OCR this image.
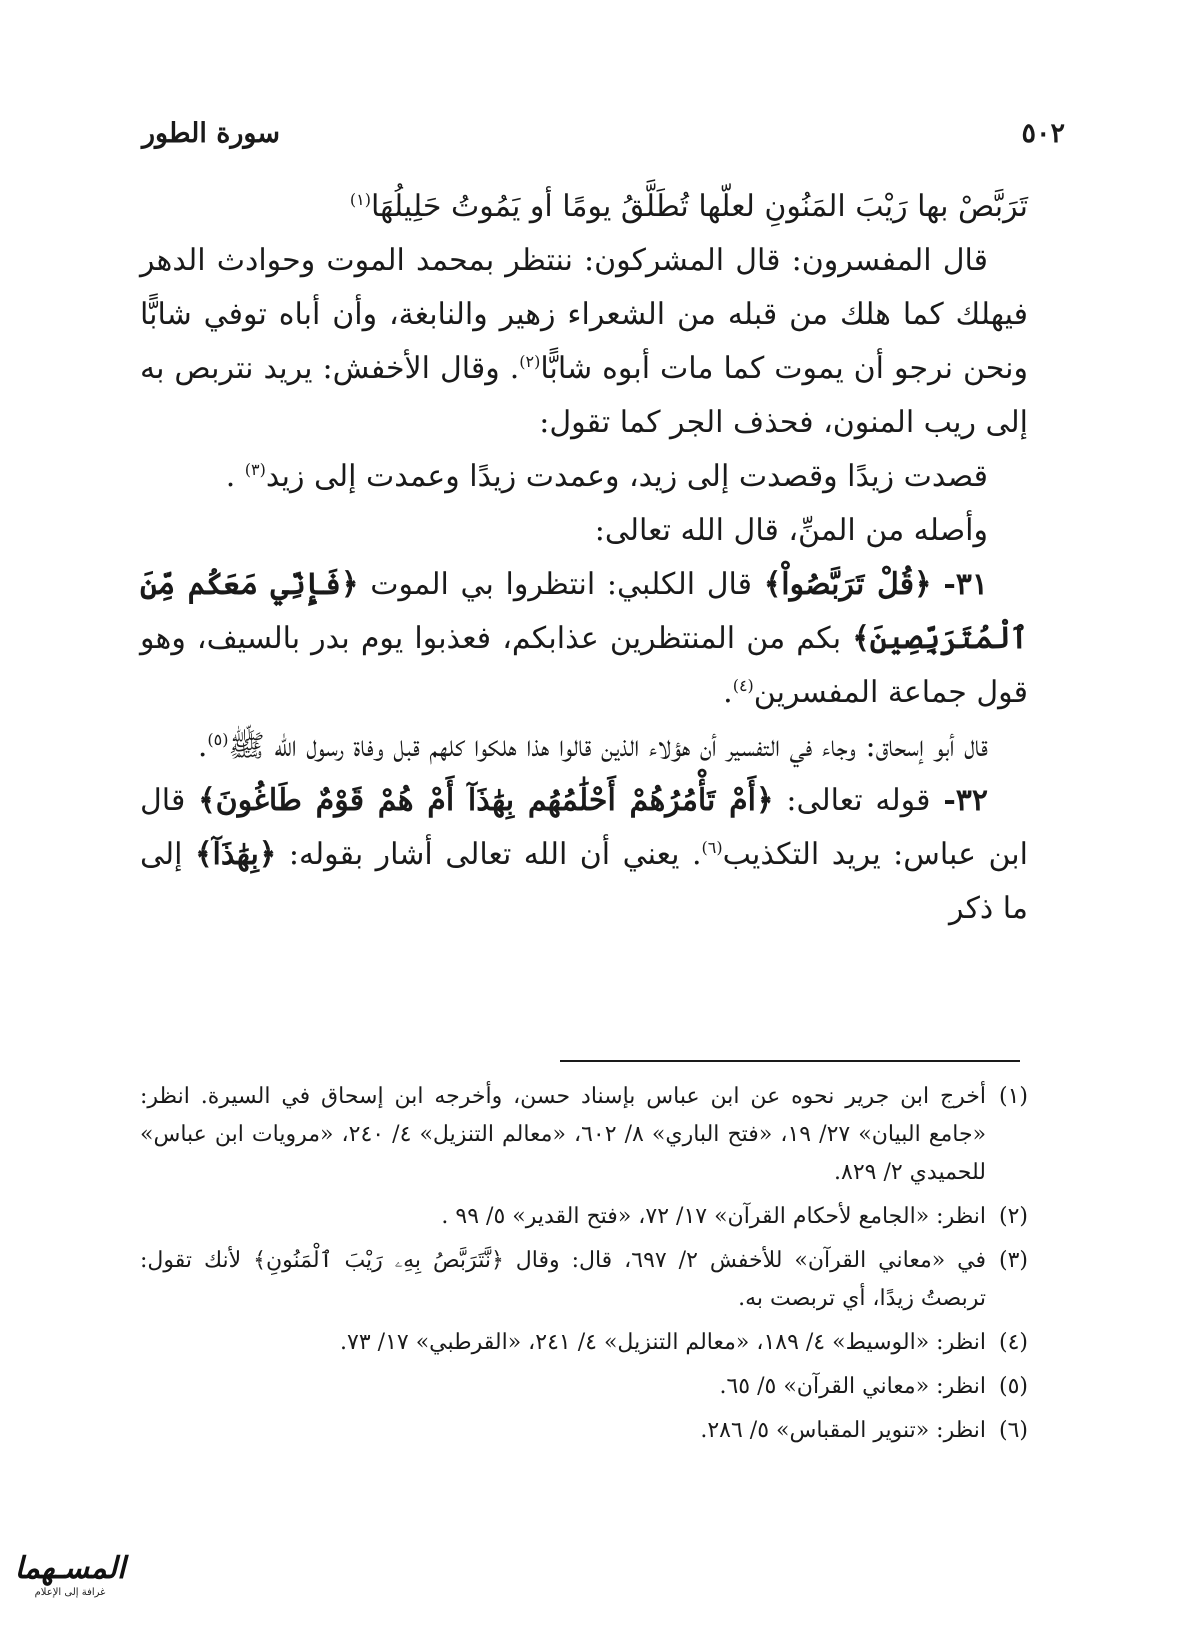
سورة الطور	٥٠٢

تَرَبَّصْ بها رَيْبَ المَنُونِ لعلّها تُطَلَّقُ يومًا أو يَمُوتُ حَلِيلُهَا$^{(١)}$

قال المفسرون: قال المشركون: ننتظر بمحمد الموت وحوادث الدهر فيهلك كما هلك من قبله من الشعراء زهير والنابغة، وأن أباه توفي شابًّا ونحن نرجو أن يموت كما مات أبوه شابًّا$^{(٢)}$. وقال الأخفش: يريد نتربص به إلى ريب المنون، فحذف الجر كما تقول:

قصدت زيدًا وقصدت إلى زيد، وعمدت زيدًا وعمدت إلى زيد$^{(٣)}$ .

وأصله من المنِّ، قال الله تعالى:

٣١- ﴿قُلْ تَرَبَّصُواْ﴾ قال الكلبي: انتظروا بي الموت ﴿فَإِنِّي مَعَكُم مِّنَ ٱلْمُتَرَبِّصِينَ﴾ بكم من المنتظرين عذابكم، فعذبوا يوم بدر بالسيف، وهو قول جماعة المفسرين$^{(٤)}$.

قال أبو إسحاق: وجاء في التفسير أن هؤلاء الذين قالوا هذا هلكوا كلهم قبل وفاة رسول الله ﷺ$^{(٥)}$.

٣٢- قوله تعالى: ﴿أَمْ تَأْمُرُهُمْ أَحْلَٰمُهُم بِهَٰذَآ أَمْ هُمْ قَوْمٌ طَاغُونَ﴾ قال ابن عباس: يريد التكذيب$^{(٦)}$. يعني أن الله تعالى أشار بقوله: ﴿بِهَٰذَآ﴾ إلى ما ذكر

(١)
أخرج ابن جرير نحوه عن ابن عباس بإسناد حسن، وأخرجه ابن إسحاق في السيرة. انظر: «جامع البيان» ٢٧/ ١٩، «فتح الباري» ٨/ ٦٠٢، «معالم التنزيل» ٤/ ٢٤٠، «مرويات ابن عباس» للحميدي ٢/ ٨٢٩.
(٢)
انظر: «الجامع لأحكام القرآن» ١٧/ ٧٢، «فتح القدير» ٥/ ٩٩ .
(٣)
في «معاني القرآن» للأخفش ٢/ ٦٩٧، قال: وقال ﴿نَّتَرَبَّصُ بِهِۦ رَيْبَ ٱلْمَنُونِ﴾ لأنك تقول: تربصتُ زيدًا، أي تربصت به.
(٤)
انظر: «الوسيط» ٤/ ١٨٩، «معالم التنزيل» ٤/ ٢٤١، «القرطبي» ١٧/ ٧٣.
(٥)
انظر: «معاني القرآن» ٥/ ٦٥.
(٦)
انظر: «تنوير المقباس» ٥/ ٢٨٦.
المسـ͏هما
غرافة إلى الإعلام
